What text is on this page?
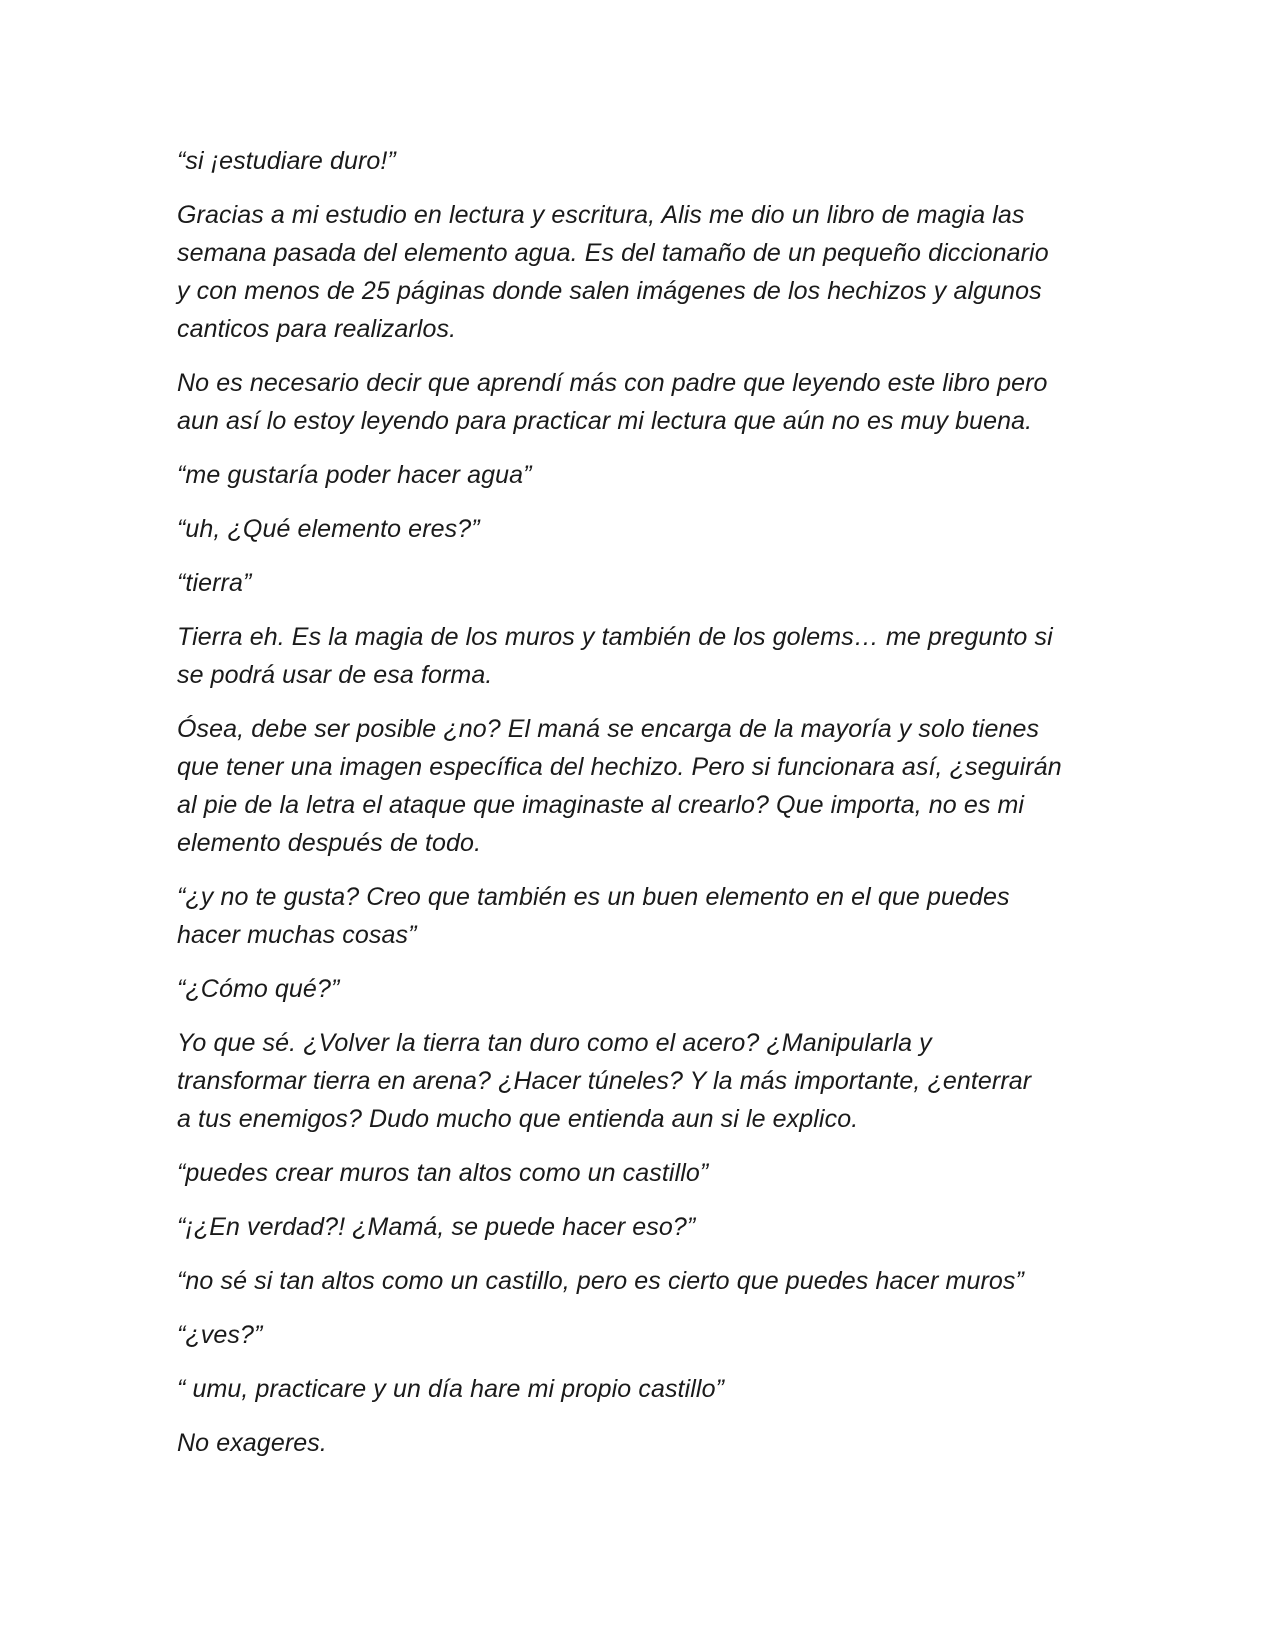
“si ¡estudiare duro!”

Gracias a mi estudio en lectura y escritura, Alis me dio un libro de magia las
semana pasada del elemento agua. Es del tamaño de un pequeño diccionario
y con menos de 25 páginas donde salen imágenes de los hechizos y algunos
canticos para realizarlos.

No es necesario decir que aprendí más con padre que leyendo este libro pero
aun así lo estoy leyendo para practicar mi lectura que aún no es muy buena.

“me gustaría poder hacer agua”

“uh, ¿Qué elemento eres?”

“tierra”

Tierra eh. Es la magia de los muros y también de los golems… me pregunto si
se podrá usar de esa forma.

Ósea, debe ser posible ¿no? El maná se encarga de la mayoría y solo tienes
que tener una imagen específica del hechizo. Pero si funcionara así, ¿seguirán
al pie de la letra el ataque que imaginaste al crearlo? Que importa, no es mi
elemento después de todo.

“¿y no te gusta? Creo que también es un buen elemento en el que puedes
hacer muchas cosas”

“¿Cómo qué?”

Yo que sé. ¿Volver la tierra tan duro como el acero? ¿Manipularla y
transformar tierra en arena? ¿Hacer túneles? Y la más importante, ¿enterrar
a tus enemigos? Dudo mucho que entienda aun si le explico.

“puedes crear muros tan altos como un castillo”

“¡¿En verdad?! ¿Mamá, se puede hacer eso?”

“no sé si tan altos como un castillo, pero es cierto que puedes hacer muros”

“¿ves?”

“ umu, practicare y un día hare mi propio castillo”

No exageres.
